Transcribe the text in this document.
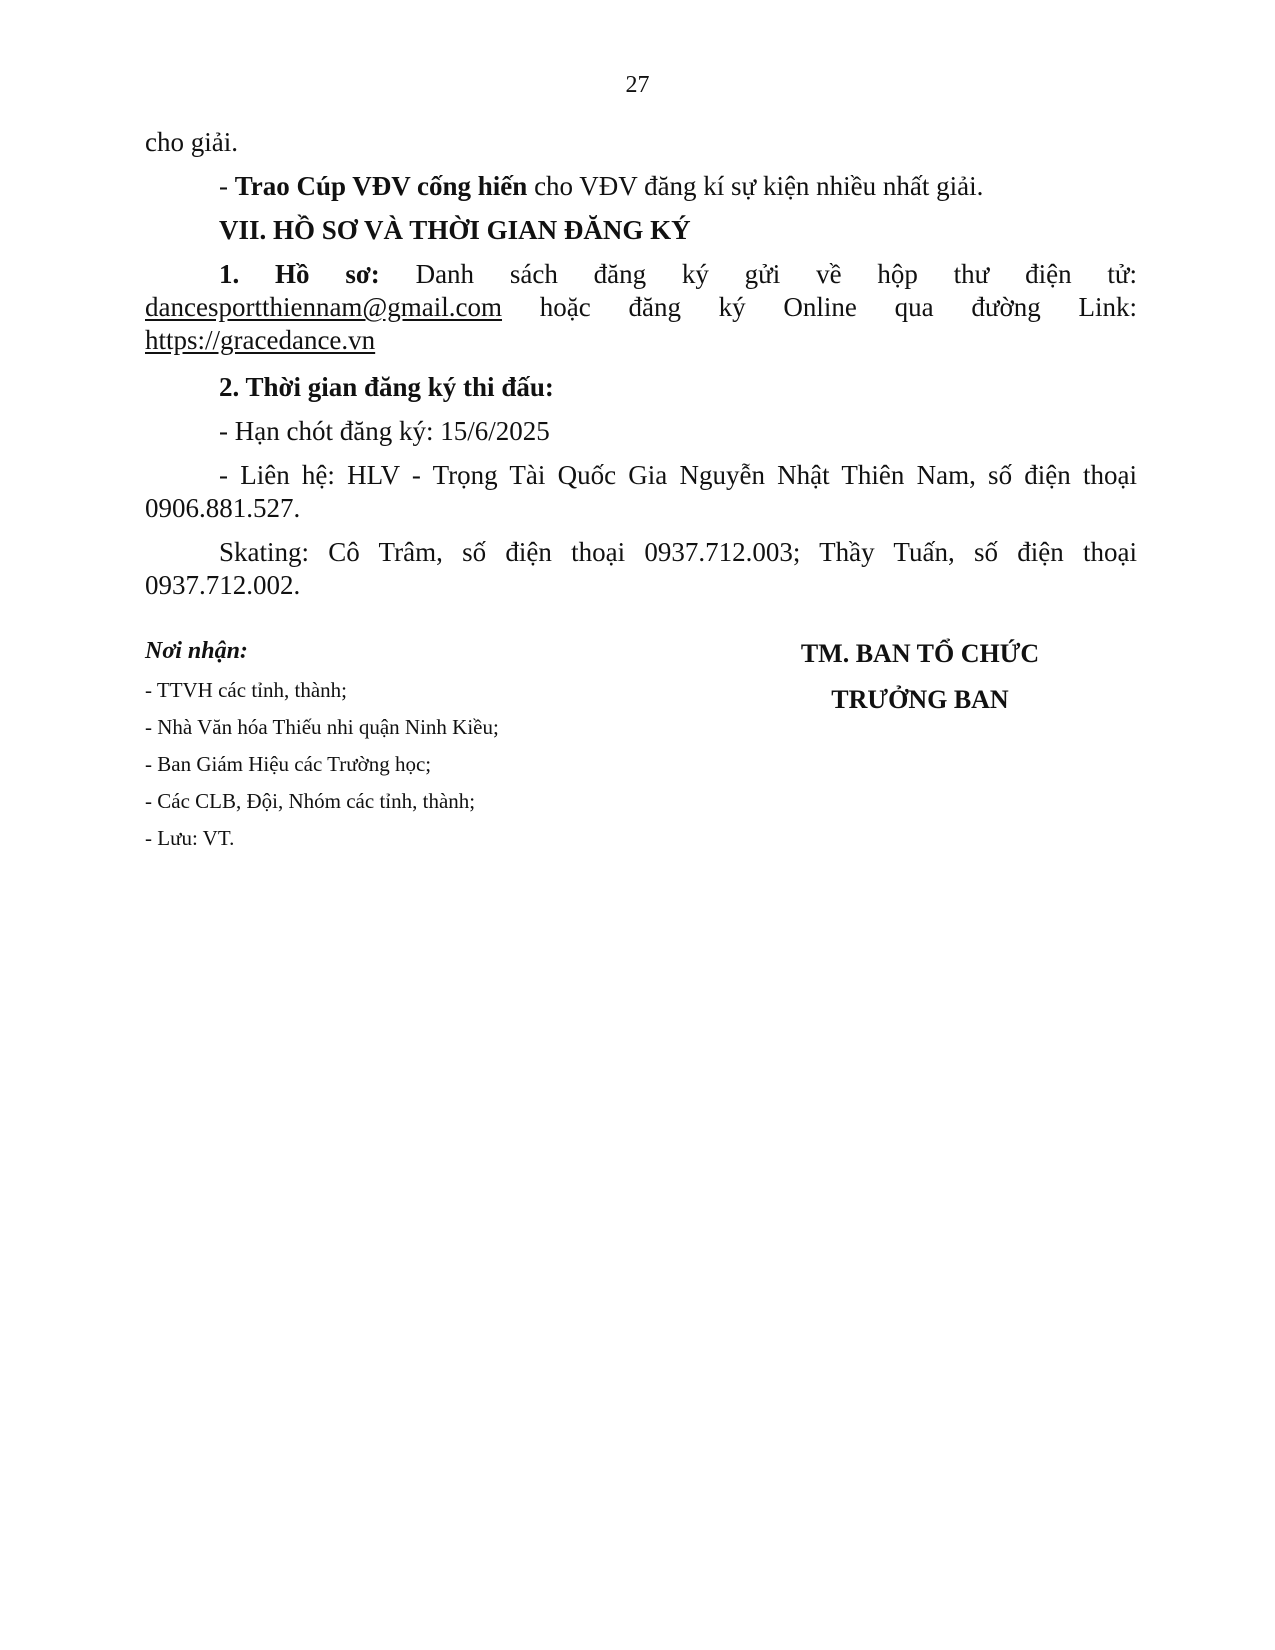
27

cho giải.

- Trao Cúp VĐV cống hiến cho VĐV đăng kí sự kiện nhiều nhất giải.

VII. HỒ SƠ VÀ THỜI GIAN ĐĂNG KÝ

1. Hồ sơ: Danh sách đăng ký gửi về hộp thư điện tử: dancesportthiennam@gmail.com hoặc đăng ký Online qua đường Link: https://gracedance.vn

2. Thời gian đăng ký thi đấu:

- Hạn chót đăng ký: 15/6/2025

- Liên hệ: HLV - Trọng Tài Quốc Gia Nguyễn Nhật Thiên Nam, số điện thoại 0906.881.527.

Skating: Cô Trâm, số điện thoại 0937.712.003; Thầy Tuấn, số điện thoại 0937.712.002.

Nơi nhận:

- TTVH các tỉnh, thành;
- Nhà Văn hóa Thiếu nhi quận Ninh Kiều;
- Ban Giám Hiệu các Trường học;
- Các CLB, Đội, Nhóm các tỉnh, thành;
- Lưu: VT.
TM. BAN TỔ CHỨC
TRƯỞNG BAN
